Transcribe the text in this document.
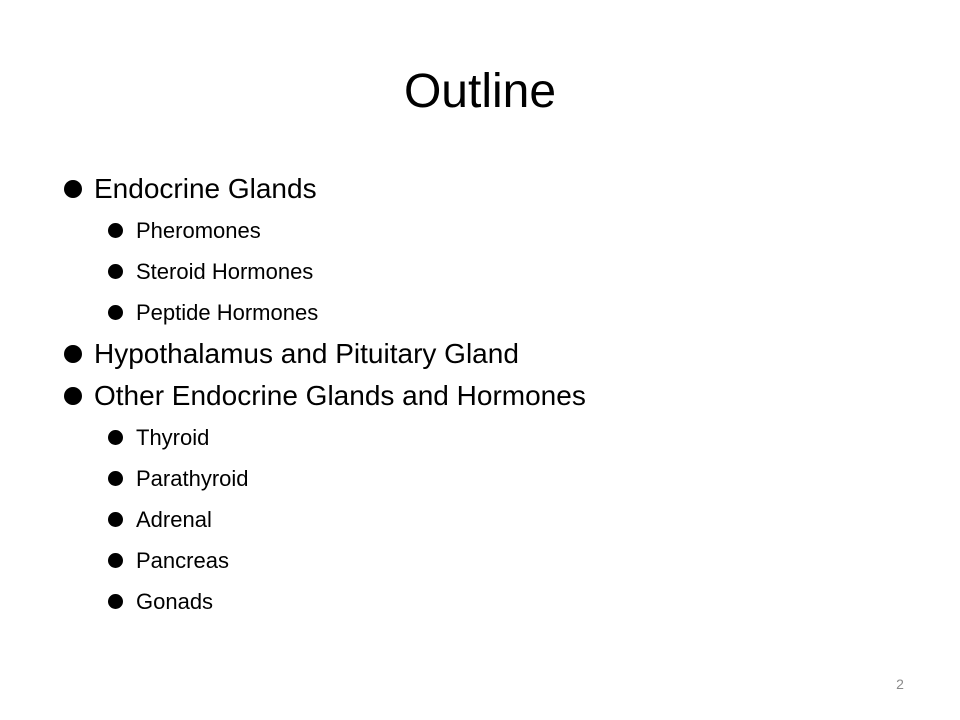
Outline
Endocrine Glands
Pheromones
Steroid Hormones
Peptide Hormones
Hypothalamus and Pituitary Gland
Other Endocrine Glands and Hormones
Thyroid
Parathyroid
Adrenal
Pancreas
Gonads
2
